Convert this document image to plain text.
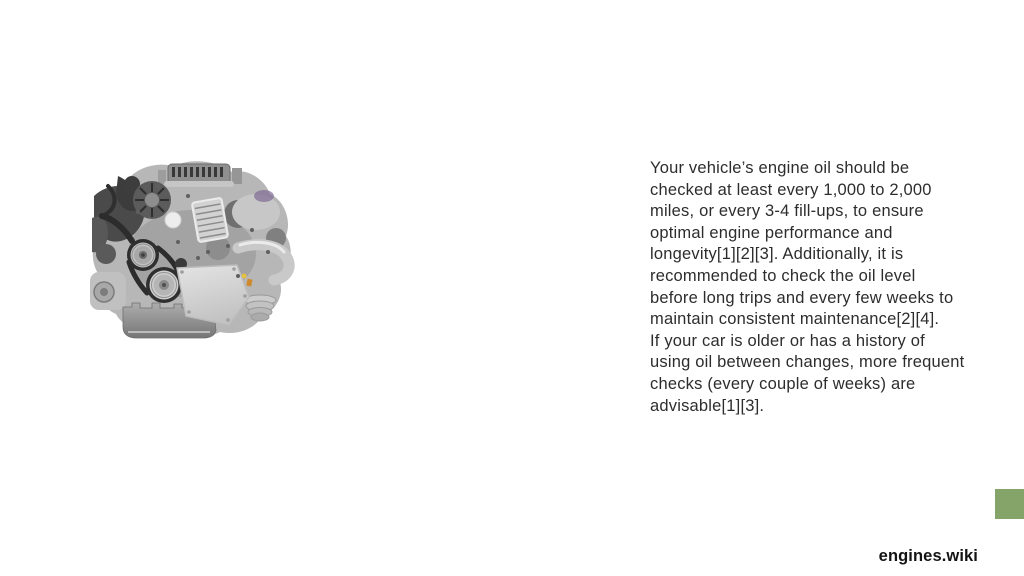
Your vehicle’s engine oil should be
checked at least every 1,000 to 2,000
miles, or every 3-4 fill-ups, to ensure
optimal engine performance and
longevity[1][2][3]. Additionally, it is
recommended to check the oil level
before long trips and every few weeks to
maintain consistent maintenance[2][4].
If your car is older or has a history of
using oil between changes, more frequent
checks (every couple of weeks) are
advisable[1][3].
engines.wiki
